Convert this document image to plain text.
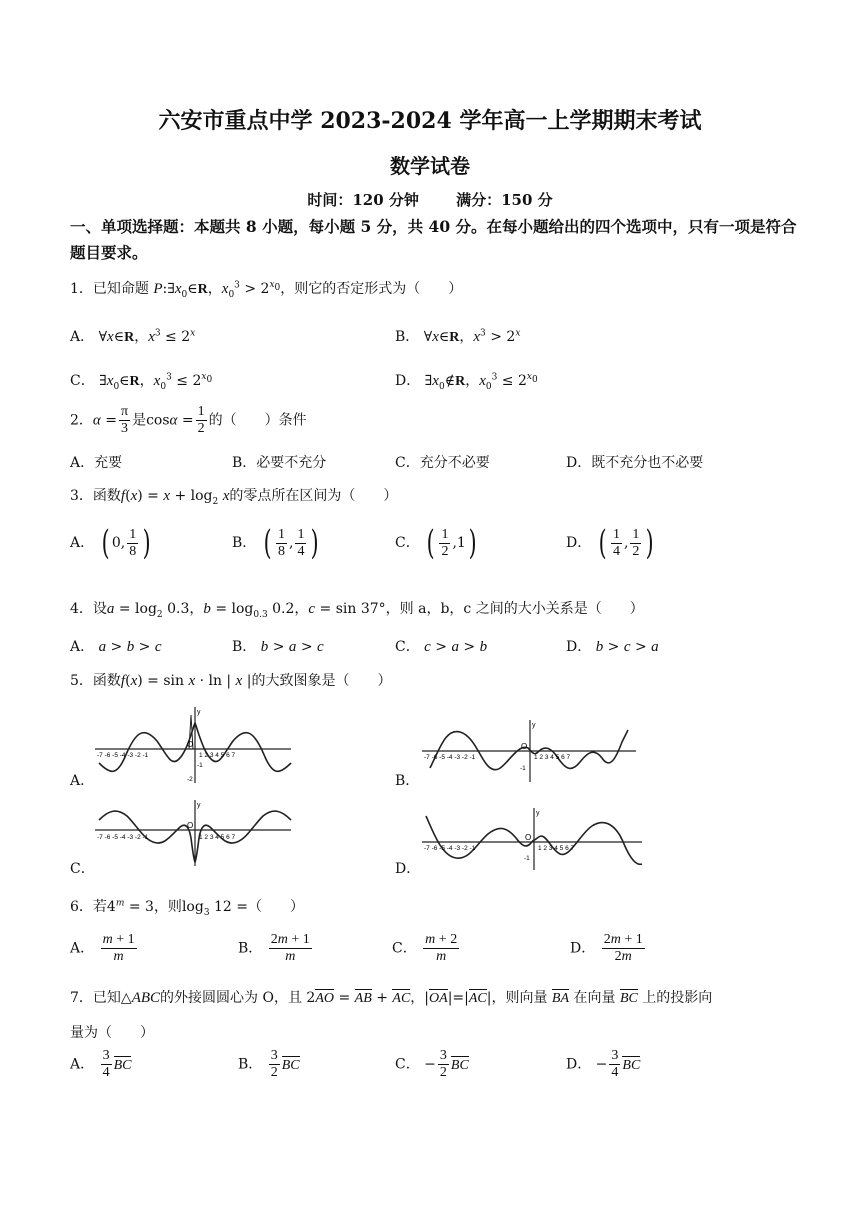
六安市重点中学 2023-2024 学年高一上学期期末考试
数学试卷
时间：120 分钟 满分：150 分
一、单项选择题：本题共 8 小题，每小题 5 分，共 40 分。在每小题给出的四个选项中，只有一项是符合题目要求。
1．已知命题 $P:\exists x_0\in R$，$x_0^3 > 2^{x_0}$，则它的否定形式为（　　）
A． ∀x∈R，$x^3 \le 2^x$	B． ∀x∈R，$x^3 > 2^x$
C． $\exists x_0\in R$，$x_0^3 \le 2^{x_0}$	D． $\exists x_0\notin R$，$x_0^3 \le 2^{x_0}$
2．$\alpha = \frac{\pi}{3}$ 是$\cos\alpha = \frac{1}{2}$ 的（　　）条件
A．充要	B．必要不充分	C．充分不必要	D．既不充分也不必要
3．函数$f(x) = x + \log_2 x$的零点所在区间为（　　）
A． ( 0, $\frac{1}{8}$ )	B． ( $\frac{1}{8}$ , $\frac{1}{4}$ )	C． ( $\frac{1}{2} ,1$)	D． ( $\frac{1}{4}$ , $\frac{1}{2}$ )
4．设$a = \log_2 0.3$，$b = \log_{0.3} 0.2$，c = sin 37°，则 a，b，c 之间的大小关系是（　　）
A． a > b > c	B． b > a > c	C． c > a > b	D． b > c > a
5．函数f(x) = sin x · ln | x |的大致图象是（　　）
A．	B．
C．	D．
y
O
-7 -6 -5 -4 -3 -2 -1	1 2 3 4 5 6 7
-1
-2
y
O
-7 -6 -5 -4 -3 -2 -1	1 2 3 4 5 6 7
-1
y
O
-7 -6 -5 -4 -3 -2 -1	1 2 3 4 5 6 7
y
O
-7 -6 -5 -4 -3 -2 -1	1 2 3 4 5 6 7
-1
6．若$4^m = 3$，则$\log_3 12$ =（　　）
A． $\frac{m + 1}{m}$	B． $\frac{2m + 1}{m}$	C． $\frac{m + 2}{m}$	D． $\frac{2m + 1}{2m}$
7．已知△ABC的外接圆圆心为 O，且 2AO = AB + AC，|OA|=|AC|，则向量 BA 在向量 BC 上的投影向
量为（　　）
A． $\frac{3}{4}$ BC	B． $\frac{3}{2}$ BC	C． − $\frac{3}{2}$ BC	D． − $\frac{3}{4}$ BC
